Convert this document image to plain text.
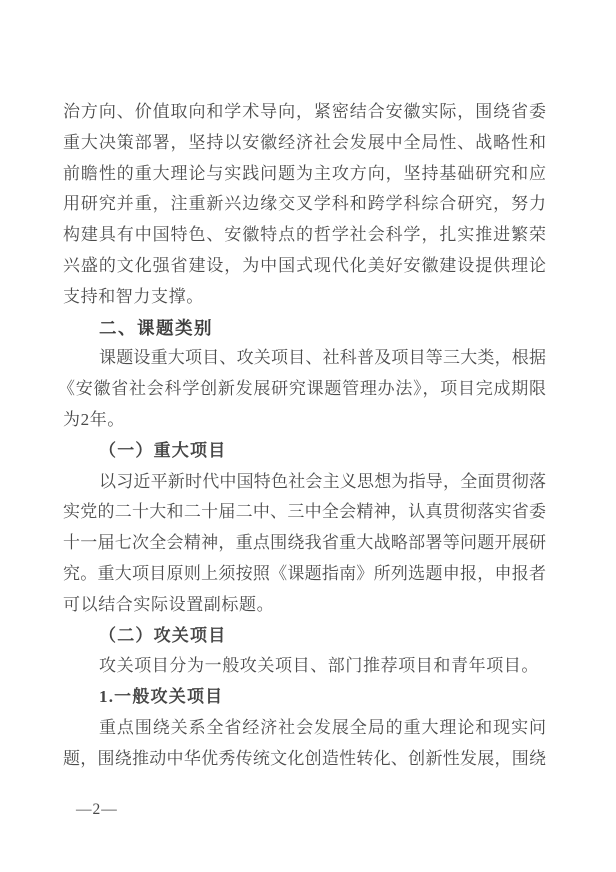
治方向、价值取向和学术导向，紧密结合安徽实际，围绕省委
重大决策部署，坚持以安徽经济社会发展中全局性、战略性和
前瞻性的重大理论与实践问题为主攻方向，坚持基础研究和应
用研究并重，注重新兴边缘交叉学科和跨学科综合研究，努力
构建具有中国特色、安徽特点的哲学社会科学，扎实推进繁荣
兴盛的文化强省建设，为中国式现代化美好安徽建设提供理论
支持和智力支撑。
二、课题类别
课题设重大项目、攻关项目、社科普及项目等三大类，根据
《安徽省社会科学创新发展研究课题管理办法》，项目完成期限
为2年。
（一）重大项目
以习近平新时代中国特色社会主义思想为指导，全面贯彻落
实党的二十大和二十届二中、三中全会精神，认真贯彻落实省委
十一届七次全会精神，重点围绕我省重大战略部署等问题开展研
究。重大项目原则上须按照《课题指南》所列选题申报，申报者
可以结合实际设置副标题。
（二）攻关项目
攻关项目分为一般攻关项目、部门推荐项目和青年项目。
1.一般攻关项目
重点围绕关系全省经济社会发展全局的重大理论和现实问
题，围绕推动中华优秀传统文化创造性转化、创新性发展，围绕
—2—
